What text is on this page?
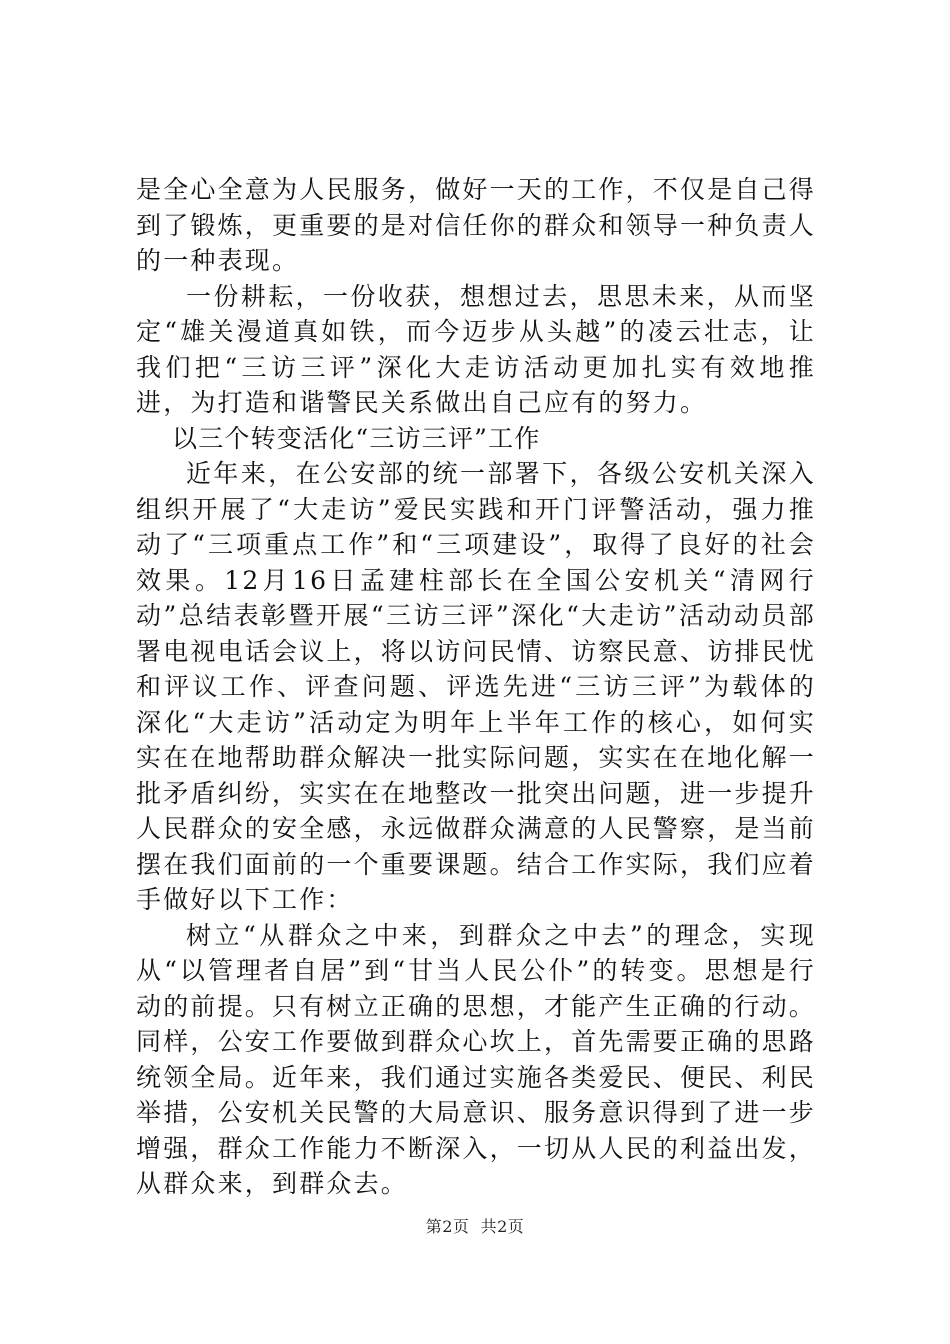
是全心全意为人民服务，做好一天的工作，不仅是自己得到了锻炼，更重要的是对信任你的群众和领导一种负责人的一种表现。

一份耕耘，一份收获，想想过去，思思未来，从而坚定“雄关漫道真如铁，而今迈步从头越”的凌云壮志，让我们把“三访三评”深化大走访活动更加扎实有效地推进，为打造和谐警民关系做出自己应有的努力。

以三个转变活化“三访三评”工作

近年来，在公安部的统一部署下，各级公安机关深入组织开展了“大走访”爱民实践和开门评警活动，强力推动了“三项重点工作”和“三项建设”，取得了良好的社会效果。12月16日孟建柱部长在全国公安机关“清网行动”总结表彰暨开展“三访三评”深化“大走访”活动动员部署电视电话会议上，将以访问民情、访察民意、访排民忧和评议工作、评查问题、评选先进“三访三评”为载体的深化“大走访”活动定为明年上半年工作的核心，如何实实在在地帮助群众解决一批实际问题，实实在在地化解一批矛盾纠纷，实实在在地整改一批突出问题，进一步提升人民群众的安全感，永远做群众满意的人民警察，是当前摆在我们面前的一个重要课题。结合工作实际，我们应着手做好以下工作：

树立“从群众之中来，到群众之中去”的理念，实现从“以管理者自居”到“甘当人民公仆”的转变。思想是行动的前提。只有树立正确的思想，才能产生正确的行动。同样，公安工作要做到群众心坎上，首先需要正确的思路统领全局。近年来，我们通过实施各类爱民、便民、利民举措，公安机关民警的大局意识、服务意识得到了进一步增强，群众工作能力不断深入，一切从人民的利益出发，从群众来，到群众去。

第2页 共2页
